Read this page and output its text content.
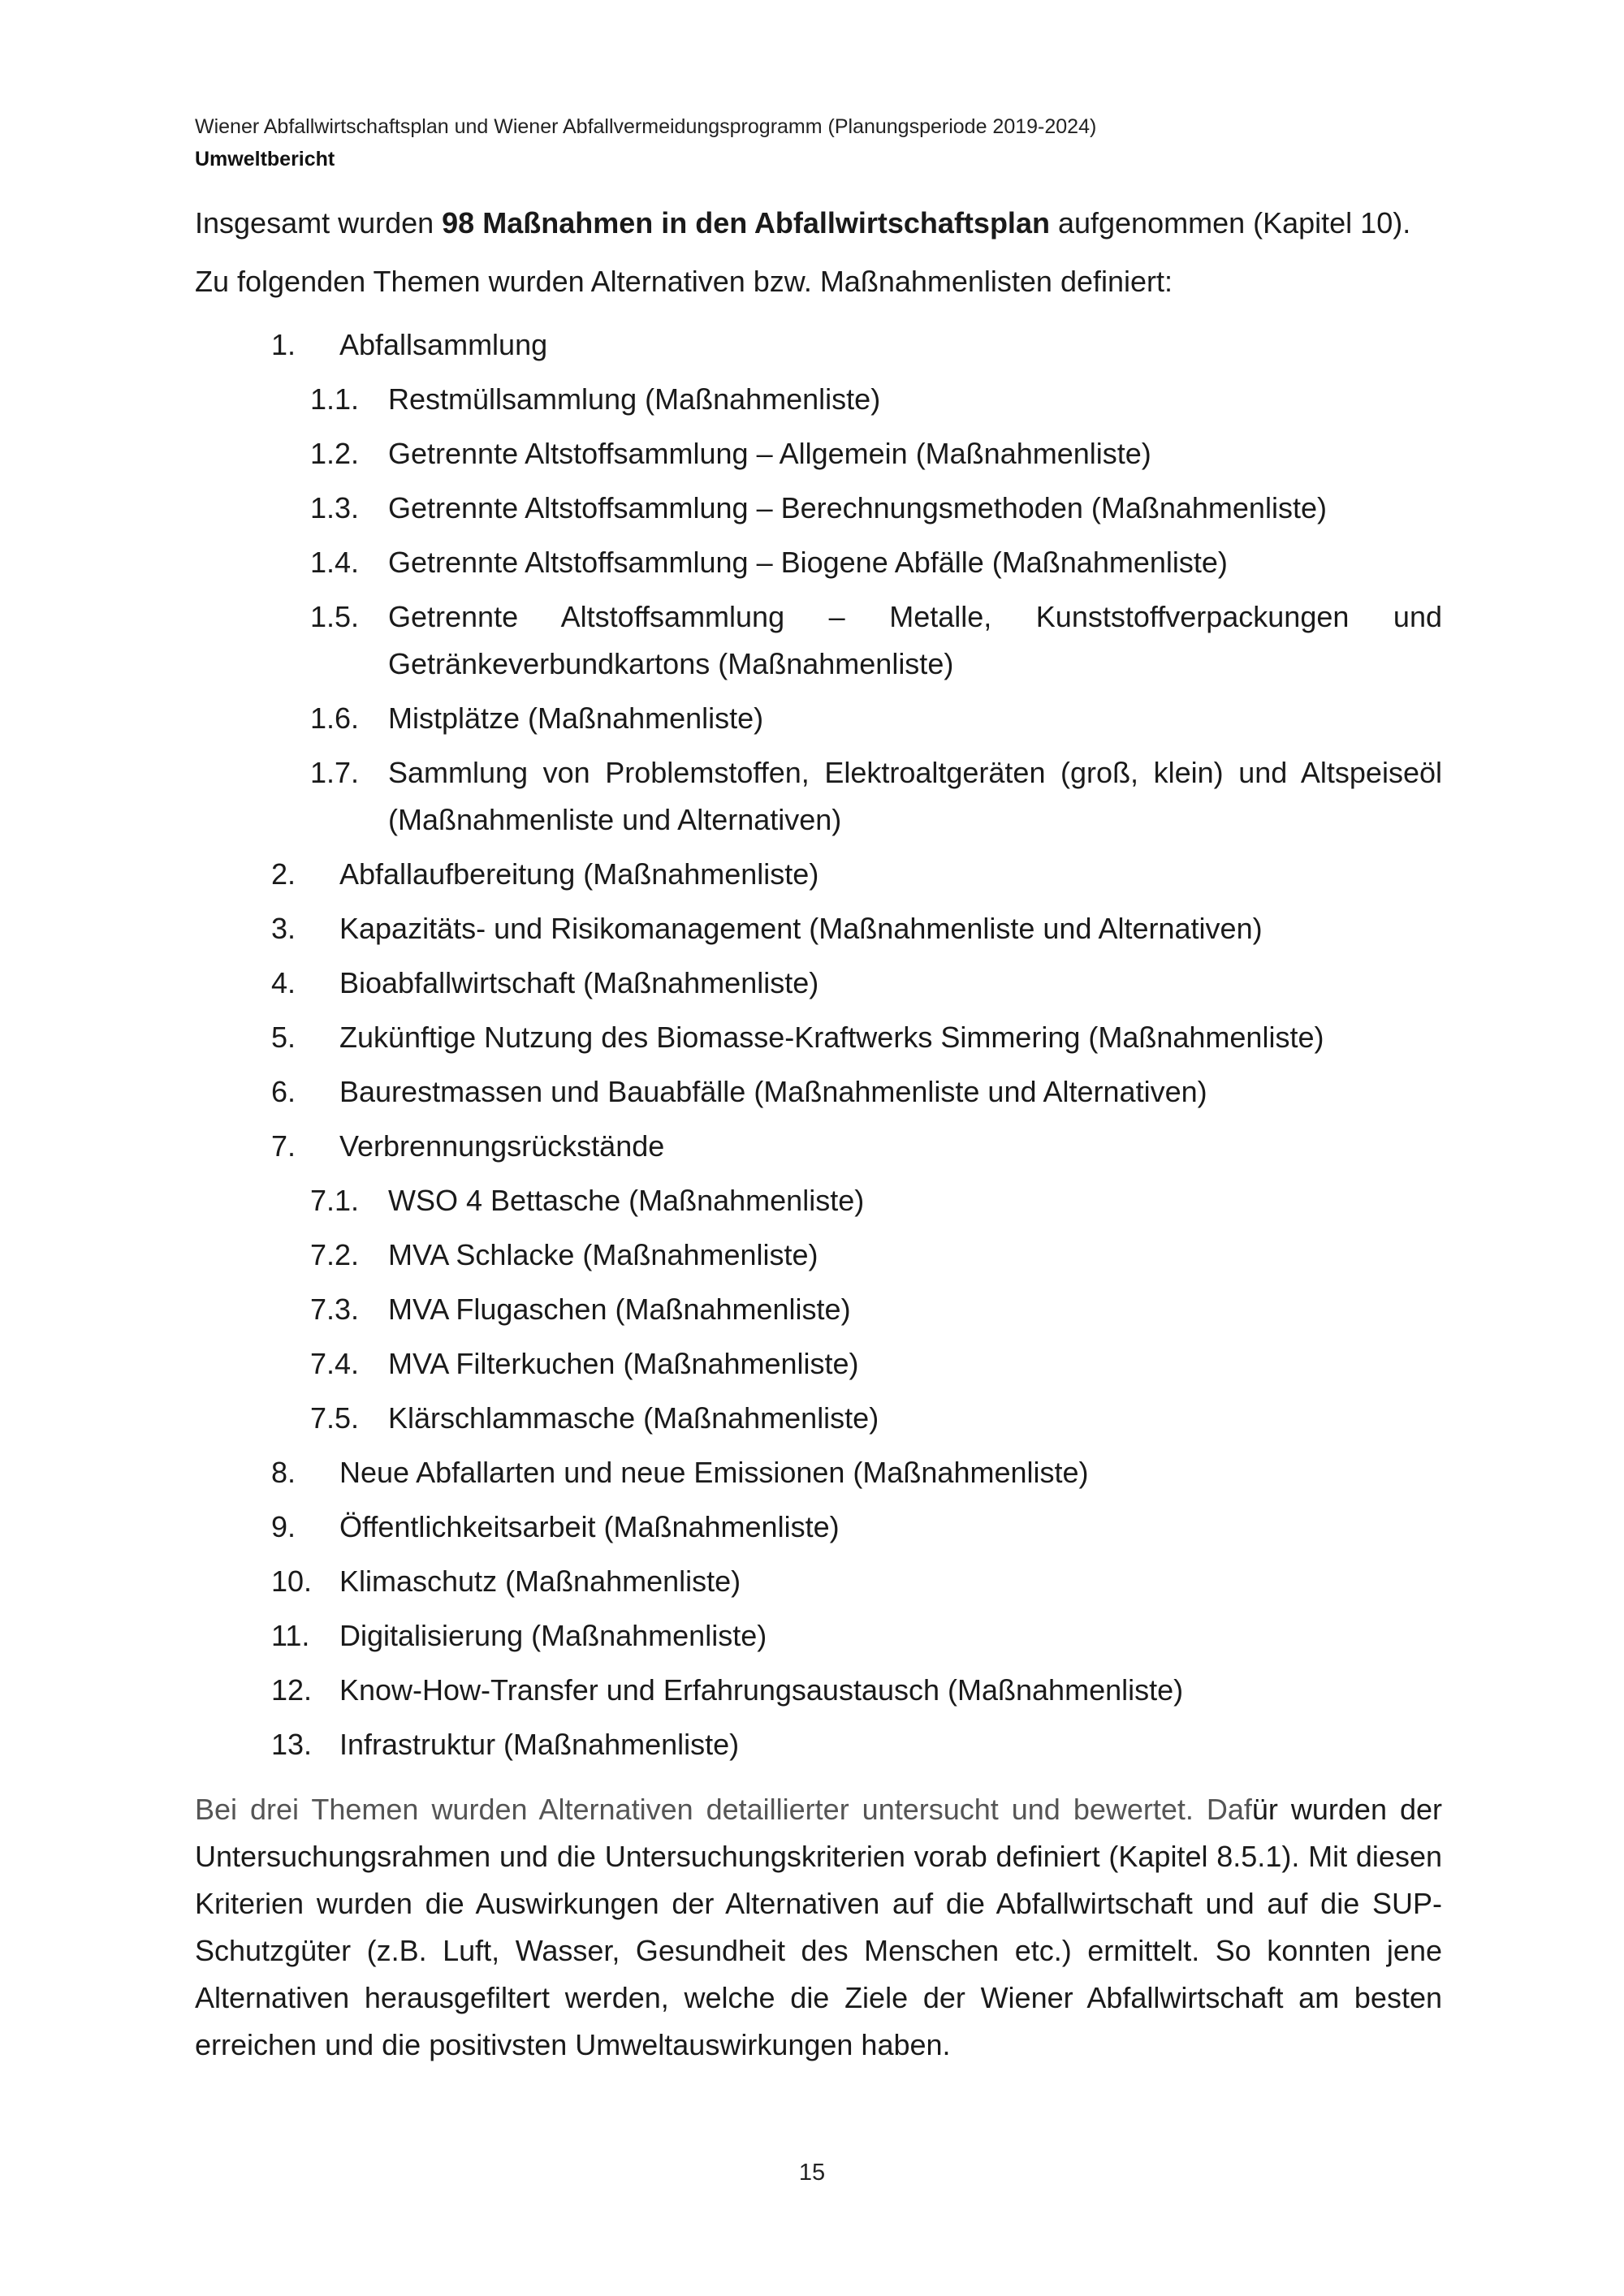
Wiener Abfallwirtschaftsplan und Wiener Abfallvermeidungsprogramm (Planungsperiode 2019-2024)
Umweltbericht
Insgesamt wurden 98 Maßnahmen in den Abfallwirtschaftsplan aufgenommen (Kapitel 10).
Zu folgenden Themen wurden Alternativen bzw. Maßnahmenlisten definiert:
1.	Abfallsammlung
1.1. Restmüllsammlung (Maßnahmenliste)
1.2. Getrennte Altstoffsammlung – Allgemein (Maßnahmenliste)
1.3. Getrennte Altstoffsammlung – Berechnungsmethoden (Maßnahmenliste)
1.4. Getrennte Altstoffsammlung – Biogene Abfälle (Maßnahmenliste)
1.5. Getrennte Altstoffsammlung – Metalle, Kunststoffverpackungen und Getränkeverbundkartons (Maßnahmenliste)
1.6. Mistplätze (Maßnahmenliste)
1.7. Sammlung von Problemstoffen, Elektroaltgeräten (groß, klein) und Altspeiseöl (Maßnahmenliste und Alternativen)
2.	Abfallaufbereitung (Maßnahmenliste)
3.	Kapazitäts- und Risikomanagement (Maßnahmenliste und Alternativen)
4.	Bioabfallwirtschaft (Maßnahmenliste)
5.	Zukünftige Nutzung des Biomasse-Kraftwerks Simmering (Maßnahmenliste)
6.	Baurestmassen und Bauabfälle (Maßnahmenliste und Alternativen)
7.	Verbrennungsrückstände
7.1. WSO 4 Bettasche (Maßnahmenliste)
7.2. MVA Schlacke (Maßnahmenliste)
7.3. MVA Flugaschen (Maßnahmenliste)
7.4. MVA Filterkuchen (Maßnahmenliste)
7.5. Klärschlammasche (Maßnahmenliste)
8.	Neue Abfallarten und neue Emissionen (Maßnahmenliste)
9.	Öffentlichkeitsarbeit (Maßnahmenliste)
10. Klimaschutz (Maßnahmenliste)
11.	Digitalisierung (Maßnahmenliste)
12. Know-How-Transfer und Erfahrungsaustausch (Maßnahmenliste)
13. Infrastruktur (Maßnahmenliste)
Bei drei Themen wurden Alternativen detaillierter untersucht und bewertet. Dafür wurden der Untersuchungsrahmen und die Untersuchungskriterien vorab definiert (Kapitel 8.5.1). Mit diesen Kriterien wurden die Auswirkungen der Alternativen auf die Abfallwirtschaft und auf die SUP-Schutzgüter (z.B. Luft, Wasser, Gesundheit des Menschen etc.) ermittelt. So konnten jene Alternativen herausgefiltert werden, welche die Ziele der Wiener Abfallwirtschaft am besten erreichen und die positivsten Umweltauswirkungen haben.
15
